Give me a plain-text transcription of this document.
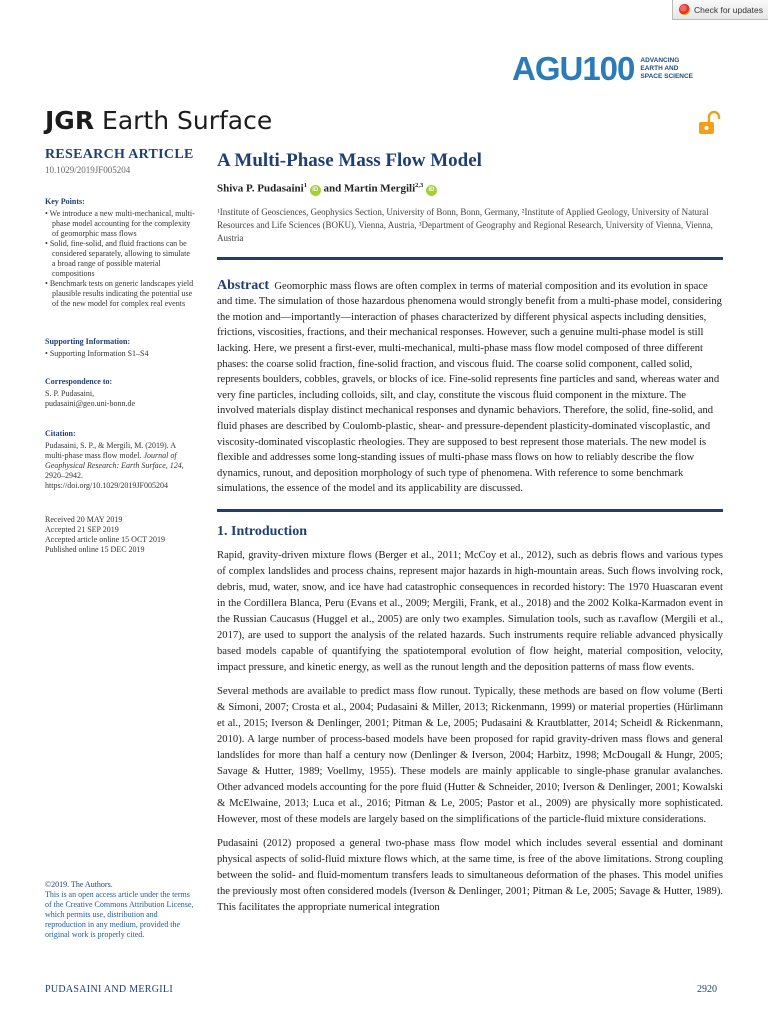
Check for updates
AGU100 ADVANCING
EARTH AND
SPACE SCIENCE
JGR Earth Surface
RESEARCH ARTICLE
10.1029/2019JF005204
Key Points:
• We introduce a new multi-mechanical, multi-phase model accounting for the complexity of geomorphic mass flows
• Solid, fine-solid, and fluid fractions can be considered separately, allowing to simulate a broad range of possible material compositions
• Benchmark tests on generic landscapes yield plausible results indicating the potential use of the new model for complex real events
Supporting Information:
• Supporting Information S1–S4
Correspondence to:
S. P. Pudasaini,
pudasaini@geo.uni-bonn.de
Citation:
Pudasaini, S. P., & Mergili, M. (2019). A multi-phase mass flow model. Journal of Geophysical Research: Earth Surface, 124, 2920–2942. https://doi.org/10.1029/2019JF005204
Received 20 MAY 2019
Accepted 21 SEP 2019
Accepted article online 15 OCT 2019
Published online 15 DEC 2019
©2019. The Authors.
This is an open access article under the terms of the Creative Commons Attribution License, which permits use, distribution and reproduction in any medium, provided the original work is properly cited.
A Multi-Phase Mass Flow Model
Shiva P. Pudasaini$^1$ iD and Martin Mergili$^{2,3}$ iD
¹Institute of Geosciences, Geophysics Section, University of Bonn, Bonn, Germany, ²Institute of Applied Geology, University of Natural Resources and Life Sciences (BOKU), Vienna, Austria, ³Department of Geography and Regional Research, University of Vienna, Vienna, Austria
Abstract Geomorphic mass flows are often complex in terms of material composition and its evolution in space and time. The simulation of those hazardous phenomena would strongly benefit from a multi-phase model, considering the motion and—importantly—interaction of phases characterized by different physical aspects including densities, frictions, viscosities, fractions, and their mechanical responses. However, such a genuine multi-phase model is still lacking. Here, we present a first-ever, multi-mechanical, multi-phase mass flow model composed of three different phases: the coarse solid fraction, fine-solid fraction, and viscous fluid. The coarse solid component, called solid, represents boulders, cobbles, gravels, or blocks of ice. Fine-solid represents fine particles and sand, whereas water and very fine particles, including colloids, silt, and clay, constitute the viscous fluid component in the mixture. The involved materials display distinct mechanical responses and dynamic behaviors. Therefore, the solid, fine-solid, and fluid phases are described by Coulomb-plastic, shear- and pressure-dependent plasticity-dominated viscoplastic, and viscosity-dominated viscoplastic rheologies. They are supposed to best represent those materials. The new model is flexible and addresses some long-standing issues of multi-phase mass flows on how to reliably describe the flow dynamics, runout, and deposition morphology of such type of phenomena. With reference to some benchmark simulations, the essence of the model and its applicability are discussed.
1. Introduction
Rapid, gravity-driven mixture flows (Berger et al., 2011; McCoy et al., 2012), such as debris flows and various types of complex landslides and process chains, represent major hazards in high-mountain areas. Such flows involving rock, debris, mud, water, snow, and ice have had catastrophic consequences in recorded history: The 1970 Huascaran event in the Cordillera Blanca, Peru (Evans et al., 2009; Mergili, Frank, et al., 2018) and the 2002 Kolka-Karmadon event in the Russian Caucasus (Huggel et al., 2005) are only two examples. Simulation tools, such as r.avaflow (Mergili et al., 2017), are used to support the analysis of the related hazards. Such instruments require reliable advanced physically based models capable of quantifying the spatiotemporal evolution of flow height, material composition, velocity, impact pressure, and kinetic energy, as well as the runout length and the deposition patterns of mass flow events.
Several methods are available to predict mass flow runout. Typically, these methods are based on flow volume (Berti & Simoni, 2007; Crosta et al., 2004; Pudasaini & Miller, 2013; Rickenmann, 1999) or material properties (Hürlimann et al., 2015; Iverson & Denlinger, 2001; Pitman & Le, 2005; Pudasaini & Krautblatter, 2014; Scheidl & Rickenmann, 2010). A large number of process-based models have been proposed for rapid gravity-driven mass flows and general landslides for more than half a century now (Denlinger & Iverson, 2004; Harbitz, 1998; McDougall & Hungr, 2005; Savage & Hutter, 1989; Voellmy, 1955). These models are mainly applicable to single-phase granular avalanches. Other advanced models accounting for the pore fluid (Hutter & Schneider, 2010; Iverson & Denlinger, 2001; Kowalski & McElwaine, 2013; Luca et al., 2016; Pitman & Le, 2005; Pastor et al., 2009) are physically more sophisticated. However, most of these models are largely based on the simplifications of the particle-fluid mixture considerations.
Pudasaini (2012) proposed a general two-phase mass flow model which includes several essential and dominant physical aspects of solid-fluid mixture flows which, at the same time, is free of the above limitations. Strong coupling between the solid- and fluid-momentum transfers leads to simultaneous deformation of the phases. This model unifies the previously most often considered models (Iverson & Denlinger, 2001; Pitman & Le, 2005; Savage & Hutter, 1989). This facilitates the appropriate numerical integration
PUDASAINI AND MERGILI	2920
